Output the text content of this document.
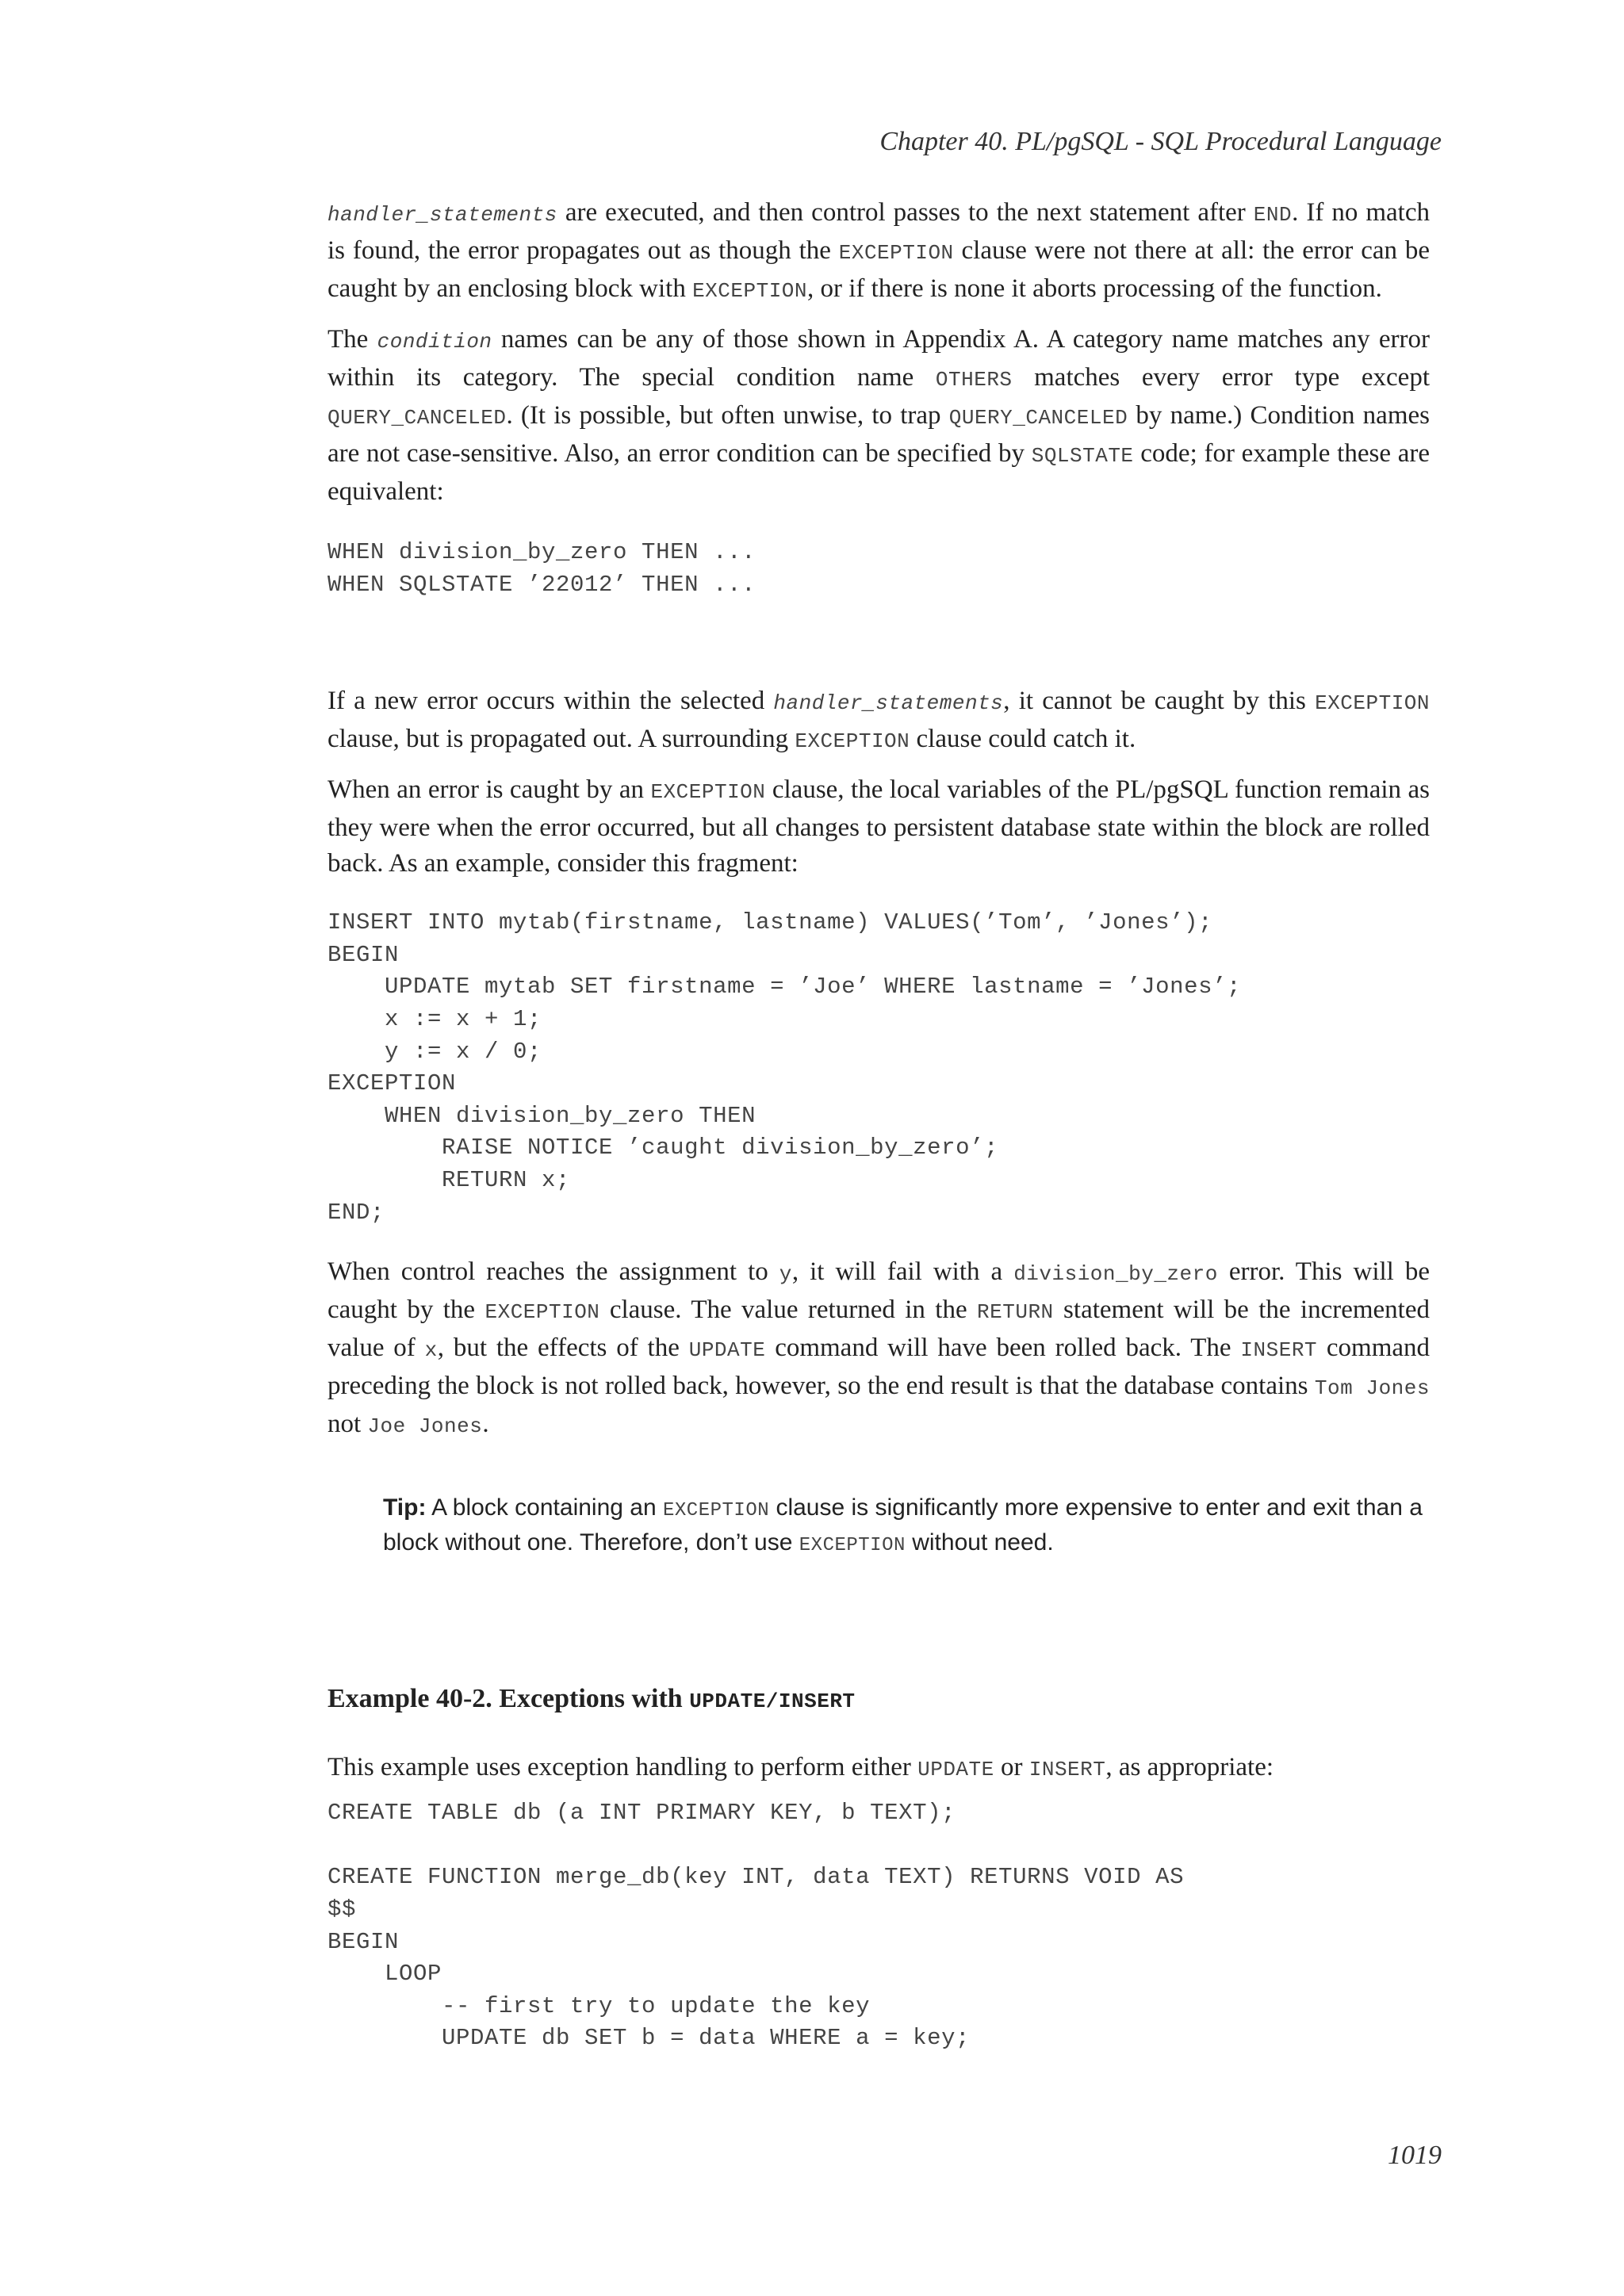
Chapter 40. PL/pgSQL - SQL Procedural Language

handler_statements are executed, and then control passes to the next statement after END. If no match is found, the error propagates out as though the EXCEPTION clause were not there at all: the error can be caught by an enclosing block with EXCEPTION, or if there is none it aborts processing of the function.

The condition names can be any of those shown in Appendix A. A category name matches any error within its category. The special condition name OTHERS matches every error type except QUERY_CANCELED. (It is possible, but often unwise, to trap QUERY_CANCELED by name.) Condition names are not case-sensitive. Also, an error condition can be specified by SQLSTATE code; for example these are equivalent:

WHEN division_by_zero THEN ...
WHEN SQLSTATE ’22012’ THEN ...

If a new error occurs within the selected handler_statements, it cannot be caught by this EXCEPTION clause, but is propagated out. A surrounding EXCEPTION clause could catch it.

When an error is caught by an EXCEPTION clause, the local variables of the PL/pgSQL function remain as they were when the error occurred, but all changes to persistent database state within the block are rolled back. As an example, consider this fragment:

INSERT INTO mytab(firstname, lastname) VALUES(’Tom’, ’Jones’);
BEGIN
UPDATE mytab SET firstname = ’Joe’ WHERE lastname = ’Jones’;
x := x + 1;
y := x / 0;
EXCEPTION
WHEN division_by_zero THEN
RAISE NOTICE ’caught division_by_zero’;
RETURN x;
END;

When control reaches the assignment to y, it will fail with a division_by_zero error. This will be caught by the EXCEPTION clause. The value returned in the RETURN statement will be the incremented value of x, but the effects of the UPDATE command will have been rolled back. The INSERT command preceding the block is not rolled back, however, so the end result is that the database contains Tom Jones not Joe Jones.

Tip: A block containing an EXCEPTION clause is significantly more expensive to enter and exit than a block without one. Therefore, don’t use EXCEPTION without need.

Example 40-2. Exceptions with UPDATE/INSERT

This example uses exception handling to perform either UPDATE or INSERT, as appropriate:

CREATE TABLE db (a INT PRIMARY KEY, b TEXT);

CREATE FUNCTION merge_db(key INT, data TEXT) RETURNS VOID AS
$$
BEGIN
LOOP
-- first try to update the key
UPDATE db SET b = data WHERE a = key;
1019
